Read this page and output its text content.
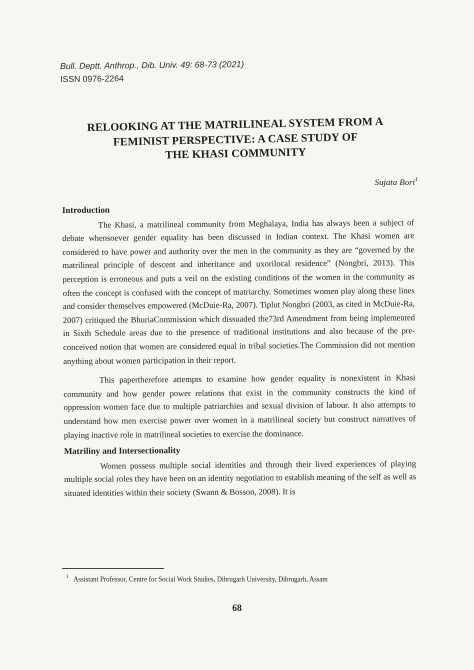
Bull. Deptt. Anthrop., Dib. Univ. 49: 68-73 (2021)
ISSN 0976-2264
RELOOKING AT THE MATRILINEAL SYSTEM FROM A
FEMINIST PERSPECTIVE: A CASE STUDY OF
THE KHASI COMMUNITY
Sujata Bori$^1$
Introduction

The Khasi, a matrilineal community from Meghalaya, India has always been a subject of debate whensoever gender equality has been discussed in Indian context. The Khasi women are considered to have power and authority over the men in the community as they are “governed by the matrilineal principle of descent and inheritance and uxorilocal residence” (Nongbri, 2013). This perception is erroneous and puts a veil on the existing conditions of the women in the community as often the concept is confused with the concept of matriarchy. Sometimes women play along these lines and consider themselves empowered (McDuie-Ra, 2007). Tiplut Nongbri (2003, as cited in McDuie-Ra, 2007) critiqued the BhuriaCommission which dissuaded the73rd Amendment from being implemented in Sixth Schedule areas due to the presence of traditional institutions and also because of the pre-conceived notion that women are considered equal in tribal societies.The Commission did not mention anything about women participation in their report.

This papertherefore attempts to examine how gender equality is nonexistent in Khasi community and how gender power relations that exist in the community constructs the kind of oppression women face due to multiple patriarchies and sexual division of labour. It also attempts to understand how men exercise power over women in a matrilineal society but construct narratives of playing inactive role in matrilineal societies to exercise the dominance.

Matriliny and Intersectionality

Women possess multiple social identities and through their lived experiences of playing multiple social roles they have been on an identity negotiation to establish meaning of the self as well as situated identities within their society (Swann & Bosson, 2008). It is

$^1$ Assistant Professor, Centre for Social Work Studies, Dibrugarh University, Dibrugarh, Assam
68
